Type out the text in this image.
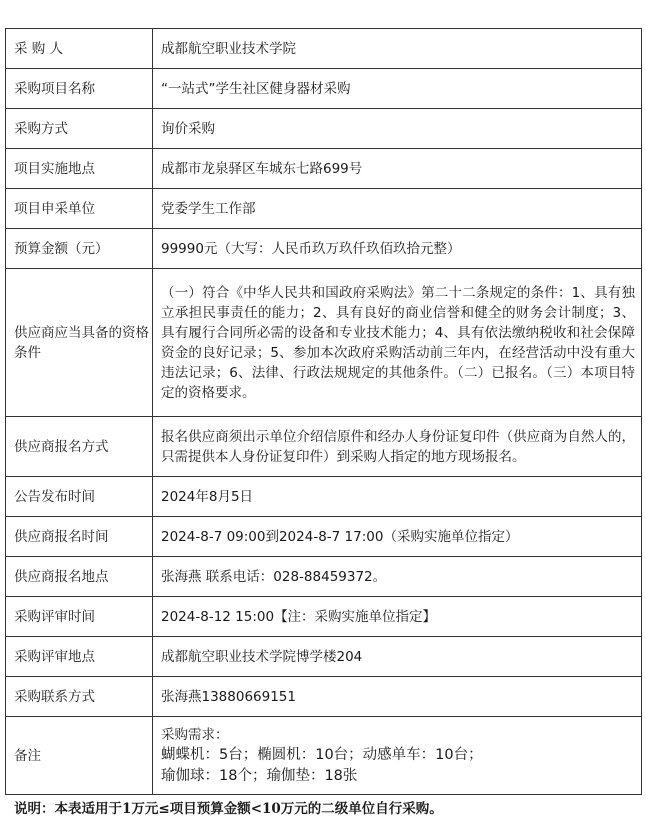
采 购 人	成都航空职业技术学院
采购项目名称	“一站式”学生社区健身器材采购
采购方式	询价采购
项目实施地点	成都市龙泉驿区车城东七路699号
项目申采单位	党委学生工作部
预算金额（元）	99990元（大写：人民币玖万玖仟玖佰玖拾元整）
供应商应当具备的资格条件	（一）符合《中华人民共和国政府采购法》第二十二条规定的条件：1、具有独立承担民事责任的能力；2、具有良好的商业信誉和健全的财务会计制度；3、具有履行合同所必需的设备和专业技术能力；4、具有依法缴纳税收和社会保障资金的良好记录；5、参加本次政府采购活动前三年内，在经营活动中没有重大违法记录；6、法律、行政法规规定的其他条件。（二）已报名。（三）本项目特定的资格要求。
供应商报名方式	报名供应商须出示单位介绍信原件和经办人身份证复印件（供应商为自然人的，只需提供本人身份证复印件）到采购人指定的地方现场报名。
公告发布时间	2024年8月5日
供应商报名时间	2024-8-7 09:00到2024-8-7 17:00（采购实施单位指定）
供应商报名地点	张海燕 联系电话：028-88459372。
采购评审时间	2024-8-12 15:00【注：采购实施单位指定】
采购评审地点	成都航空职业技术学院博学楼204
采购联系方式	张海燕13880669151
备注	采购需求：
蝴蝶机：5台；椭圆机：10台；动感单车：10台；
瑜伽球：18个；瑜伽垫：18张
说明：本表适用于1万元≤项目预算金额<10万元的二级单位自行采购。
